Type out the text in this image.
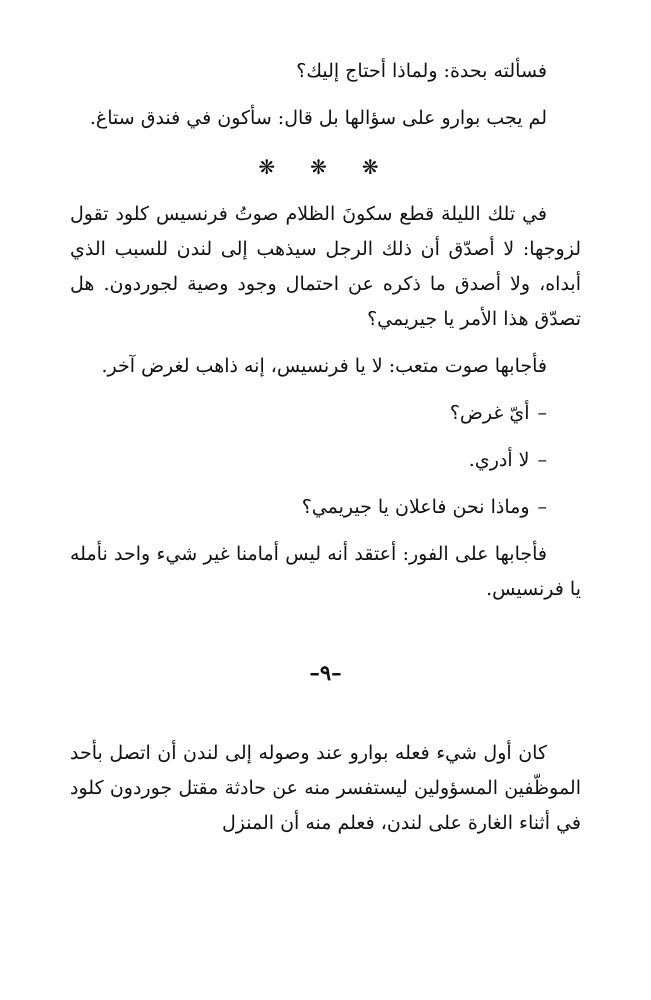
فسألته بحدة: ولماذا أحتاج إليك؟

لم يجب بوارو على سؤالها بل قال: سأكون في فندق ستاغ.

❋ ❋ ❋

في تلك الليلة قطع سكونَ الظلام صوتُ فرنسيس كلود تقول لزوجها: لا أصدّق أن ذلك الرجل سيذهب إلى لندن للسبب الذي أبداه، ولا أصدق ما ذكره عن احتمال وجود وصية لجوردون. هل تصدّق هذا الأمر يا جيريمي؟

فأجابها صوت متعب: لا يا فرنسيس، إنه ذاهب لغرض آخر.

–أيّ غرض؟

–لا أدري.

–وماذا نحن فاعلان يا جيريمي؟

فأجابها على الفور: أعتقد أنه ليس أمامنا غير شيء واحد نأمله يا فرنسيس.

–٩–

كان أول شيء فعله بوارو عند وصوله إلى لندن أن اتصل بأحد الموظّفين المسؤولين ليستفسر منه عن حادثة مقتل جوردون كلود في أثناء الغارة على لندن، فعلم منه أن المنزل
